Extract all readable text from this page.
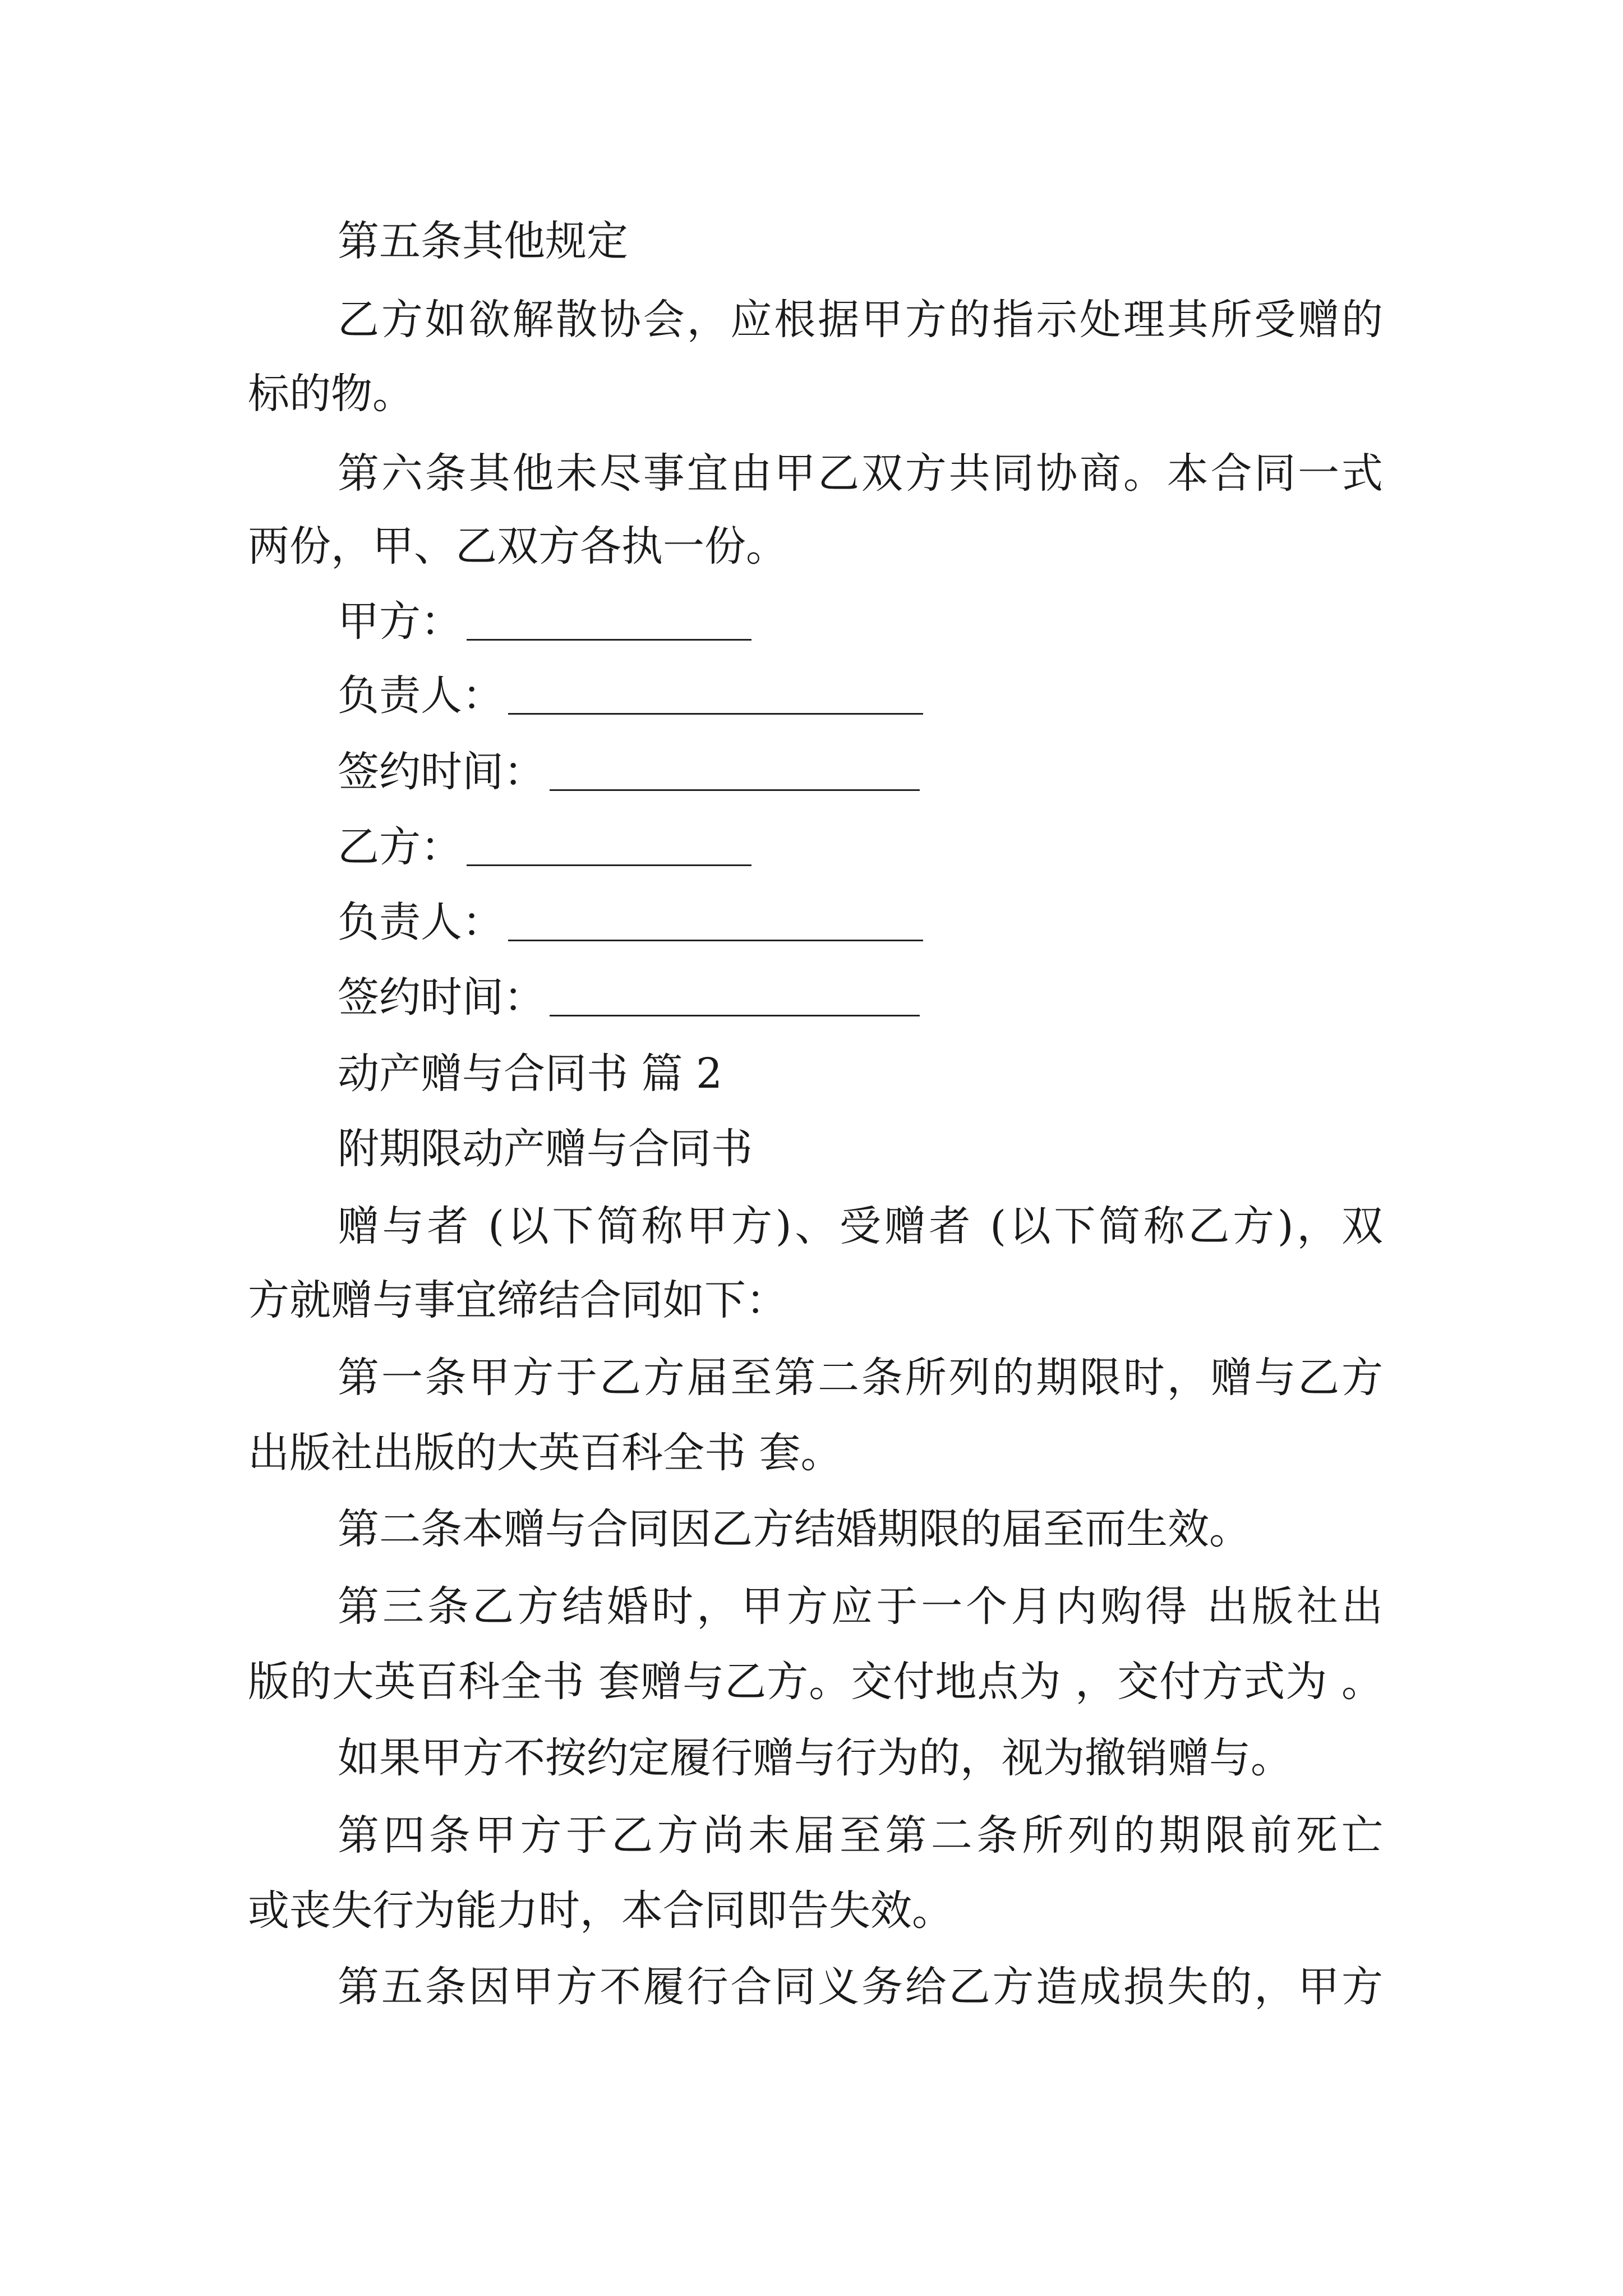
第五条其他规定
乙方如欲解散协会，应根据甲方的指示处理其所受赠的
标的物。
第六条其他未尽事宜由甲乙双方共同协商。本合同一式
两份，甲、乙双方各执一份。
甲方：
负责人：
签约时间：
乙方：
负责人：
签约时间：
动产赠与合同书 篇 2
附期限动产赠与合同书
赠与者 (以下简称甲方)、受赠者 (以下简称乙方)，双
方就赠与事宜缔结合同如下：
第一条甲方于乙方届至第二条所列的期限时，赠与乙方
出版社出版的大英百科全书 套。
第二条本赠与合同因乙方结婚期限的届至而生效。
第三条乙方结婚时，甲方应于一个月内购得 出版社出
版的大英百科全书 套赠与乙方。交付地点为 ，交付方式为 。
如果甲方不按约定履行赠与行为的，视为撤销赠与。
第四条甲方于乙方尚未届至第二条所列的期限前死亡
或丧失行为能力时，本合同即告失效。
第五条因甲方不履行合同义务给乙方造成损失的，甲方
